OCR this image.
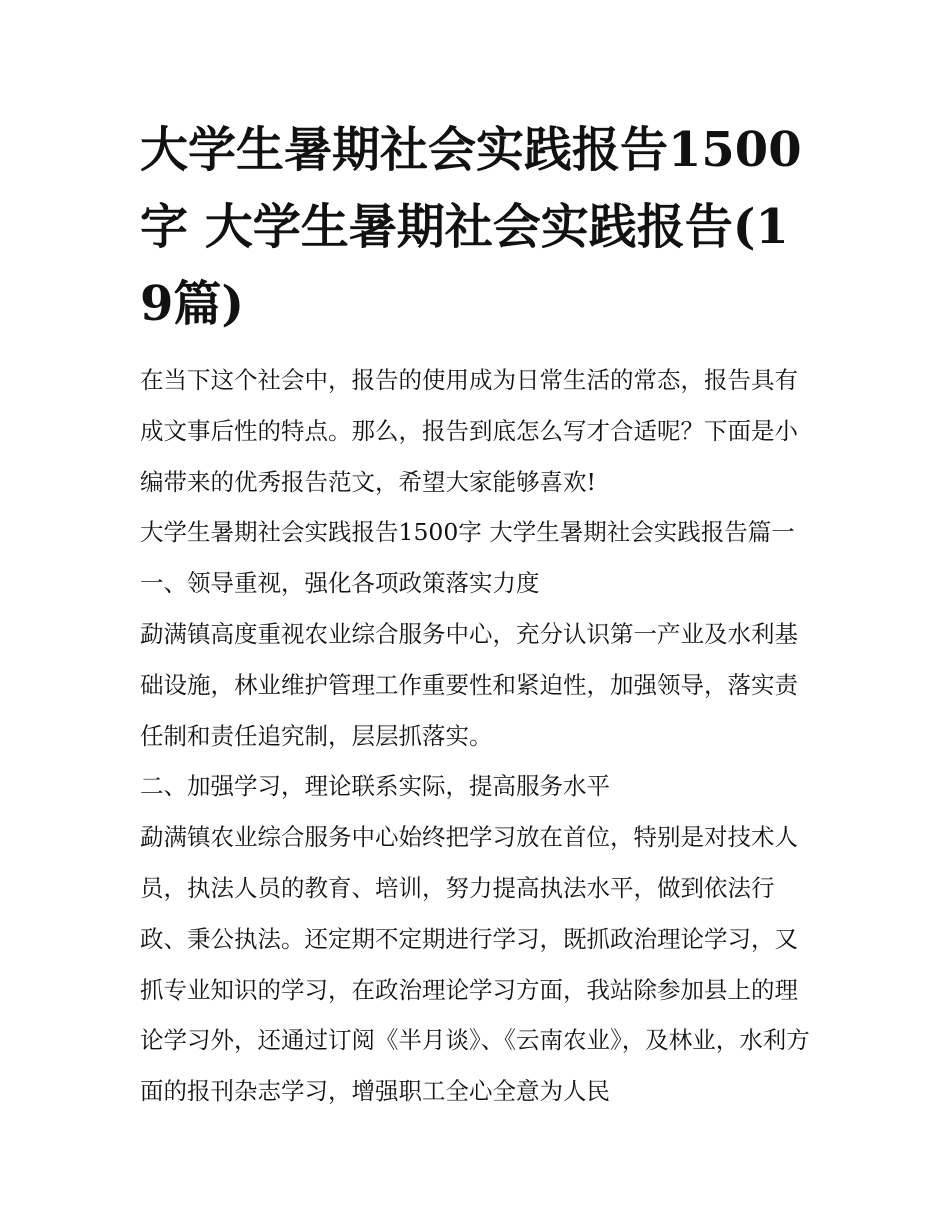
大学生暑期社会实践报告1500字 大学生暑期社会实践报告(19篇)

在当下这个社会中，报告的使用成为日常生活的常态，报告具有成文事后性的特点。那么，报告到底怎么写才合适呢？下面是小编带来的优秀报告范文，希望大家能够喜欢!

大学生暑期社会实践报告1500字 大学生暑期社会实践报告篇一 一、领导重视，强化各项政策落实力度

勐满镇高度重视农业综合服务中心，充分认识第一产业及水利基础设施，林业维护管理工作重要性和紧迫性，加强领导，落实责任制和责任追究制，层层抓落实。

二、加强学习，理论联系实际，提高服务水平

勐满镇农业综合服务中心始终把学习放在首位，特别是对技术人员，执法人员的教育、培训，努力提高执法水平，做到依法行政、秉公执法。还定期不定期进行学习，既抓政治理论学习，又抓专业知识的学习，在政治理论学习方面，我站除参加县上的理论学习外，还通过订阅《半月谈》、《云南农业》，及林业，水利方面的报刊杂志学习，增强职工全心全意为人民
